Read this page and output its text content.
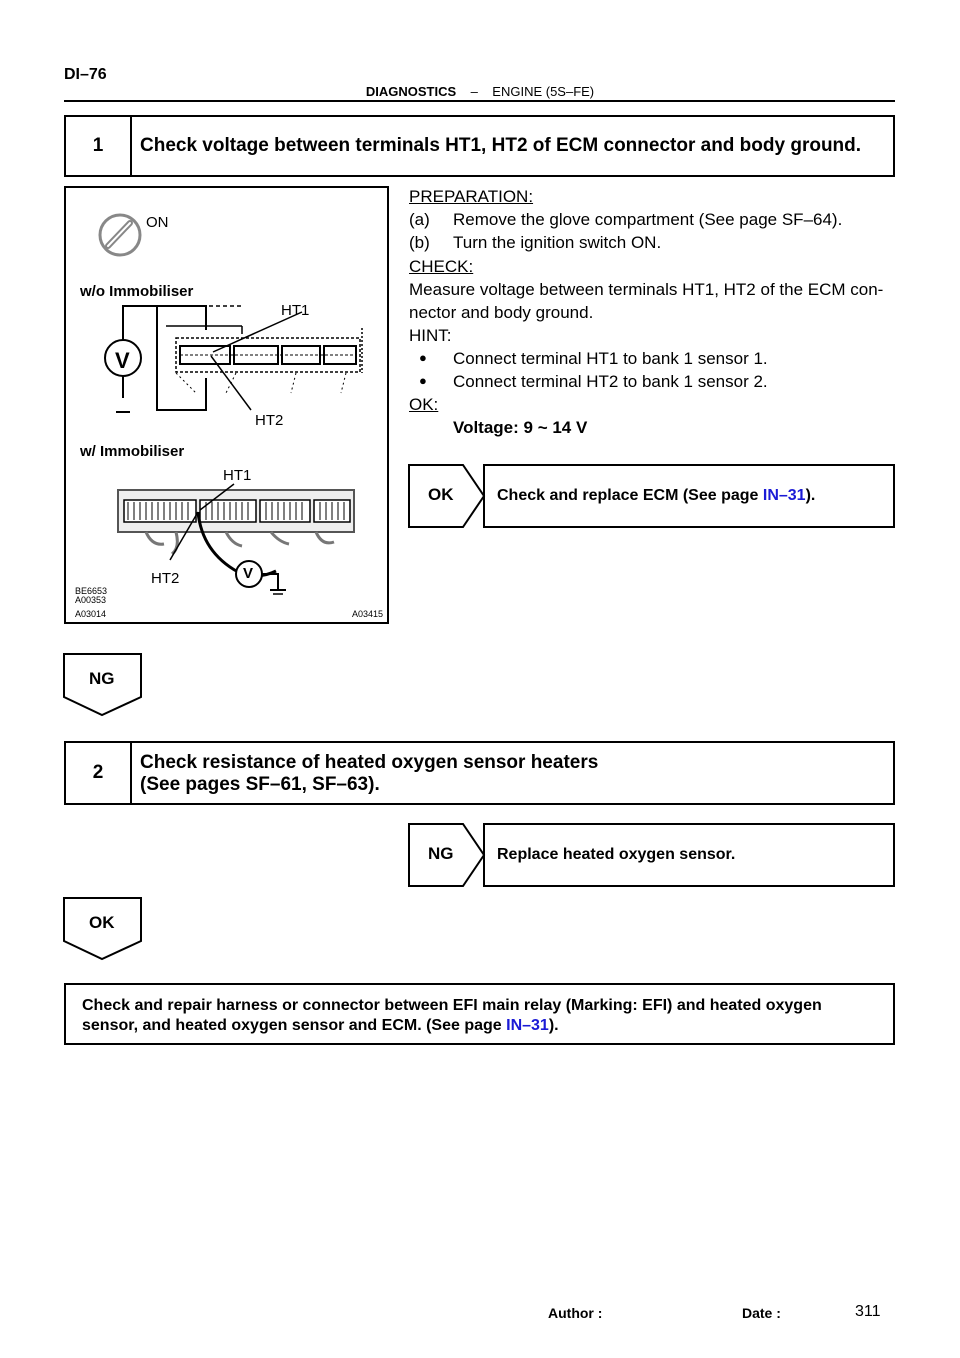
DI–76
DIAGNOSTICS – ENGINE (5S–FE)
1	Check voltage between terminals HT1, HT2 of ECM connector and body ground.
ON
w/o Immobiliser
HT1
V
HT2
w/ Immobiliser
HT1
HT2	V
BE6653
A00353
A03014	A03415
PREPARATION:
(a) Remove the glove compartment (See page SF–64).
(b) Turn the ignition switch ON.
CHECK:
Measure voltage between terminals HT1, HT2 of the ECM con-
nector and body ground.
HINT:
● Connect terminal HT1 to bank 1 sensor 1.
● Connect terminal HT2 to bank 1 sensor 2.
OK:
Voltage: 9 ~ 14 V
OK	Check and replace ECM (See page IN–31 ).
NG
2	Check resistance of heated oxygen sensor heaters
(See pages SF–61, SF–63).
NG	Replace heated oxygen sensor.
OK
Check and repair harness or connector between EFI main relay (Marking: EFI) and heated oxygen
sensor, and heated oxygen sensor and ECM. (See page IN–31).
Author :	Date :	311
